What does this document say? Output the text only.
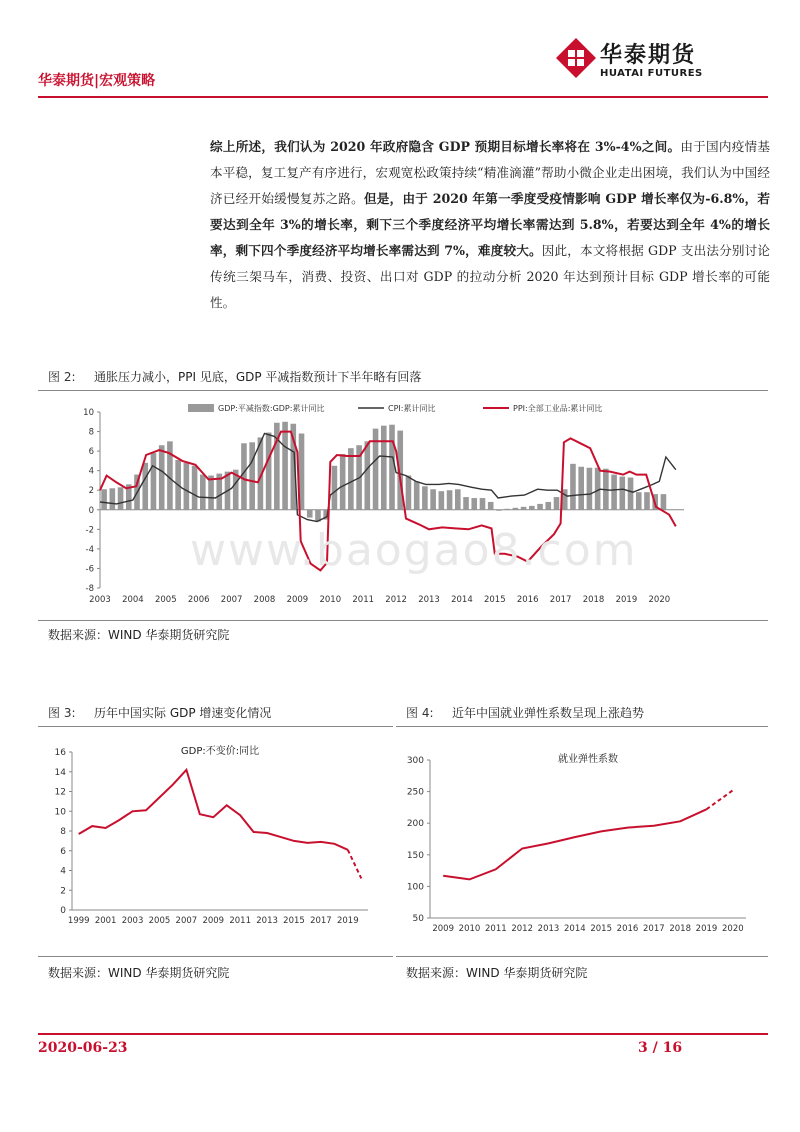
华泰期货|宏观策略
华泰期货
HUATAI FUTURES
综上所述，我们认为 2020 年政府隐含 GDP 预期目标增长率将在 3%-4%之间。由于国内疫情基本平稳，复工复产有序进行，宏观宽松政策持续“精准滴灌”帮助小微企业走出困境，我们认为中国经济已经开始缓慢复苏之路。但是，由于 2020 年第一季度受疫情影响 GDP 增长率仅为-6.8%，若要达到全年 3%的增长率，剩下三个季度经济平均增长率需达到 5.8%，若要达到全年 4%的增长率，剩下四个季度经济平均增长率需达到 7%，难度较大。因此，本文将根据 GDP 支出法分别讨论传统三架马车，消费、投资、出口对 GDP 的拉动分析 2020 年达到预计目标 GDP 增长率的可能性。
图 2: 通胀压力减小，PPI 见底，GDP 平减指数预计下半年略有回落
-8
-6
-4
-2
0
2
4
6
8
10
2003 2004 2005 2006 2007 2008 2009 2010 2011 2012 2013 2014 2015 2016 2017 2018 2019 2020
GDP:平减指数:GDP:累计同比	CPI:累计同比	PPI:全部工业品:累计同比
数据来源：WIND 华泰期货研究院
www.baogao8.com
图 3: 历年中国实际 GDP 增速变化情况
0
2
4
6
8
10
12
14
16
1999 2001 2003 2005 2007 2009 2011 2013 2015 2017 2019
GDP:不变价:同比
数据来源：WIND 华泰期货研究院
图 4: 近年中国就业弹性系数呈现上涨趋势
50
100
150
200
250
300
2009 2010 2011 2012 2013 2014 2015 2016 2017 2018 2019 2020
就业弹性系数
数据来源：WIND 华泰期货研究院
2020-06-23	3 / 16
